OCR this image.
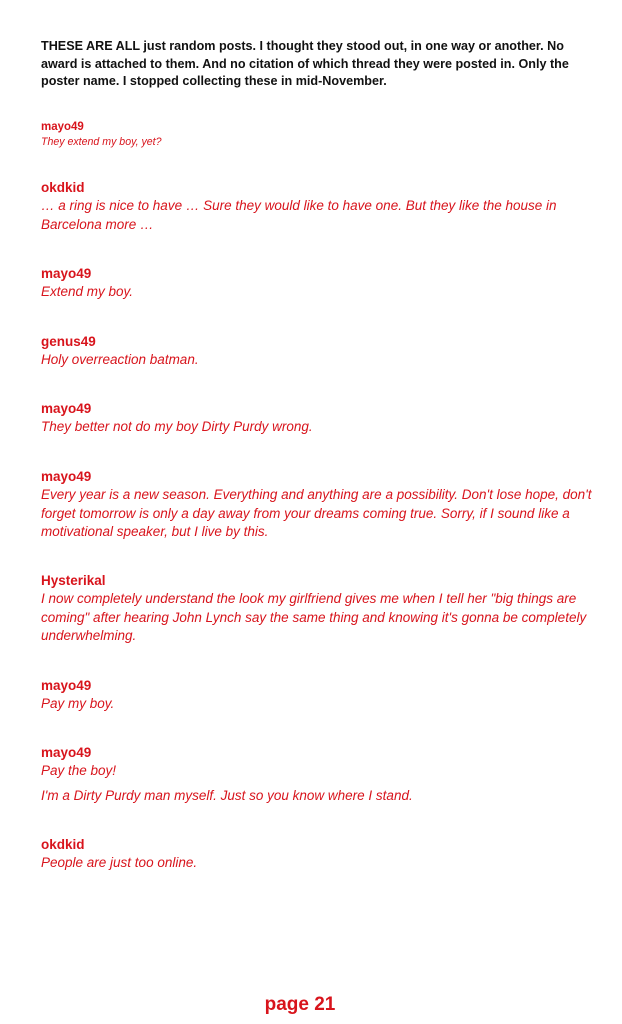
THESE ARE ALL just random posts. I thought they stood out, in one way or another. No award is attached to them. And no citation of which thread they were posted in. Only the poster name. I stopped collecting these in mid-November.

mayo49

They extend my boy, yet?

okdkid

… a ring is nice to have … Sure they would like to have one. But they like the house in Barcelona more …

mayo49

Extend my boy.

genus49

Holy overreaction batman.

mayo49

They better not do my boy Dirty Purdy wrong.

mayo49

Every year is a new season. Everything and anything are a possibility. Don't lose hope, don't forget tomorrow is only a day away from your dreams coming true. Sorry, if I sound like a motivational speaker, but I live by this.

Hysterikal

I now completely understand the look my girlfriend gives me when I tell her "big things are coming" after hearing John Lynch say the same thing and knowing it's gonna be completely underwhelming.

mayo49

Pay my boy.

mayo49

Pay the boy!

I'm a Dirty Purdy man myself. Just so you know where I stand.

okdkid

People are just too online.

page 21
